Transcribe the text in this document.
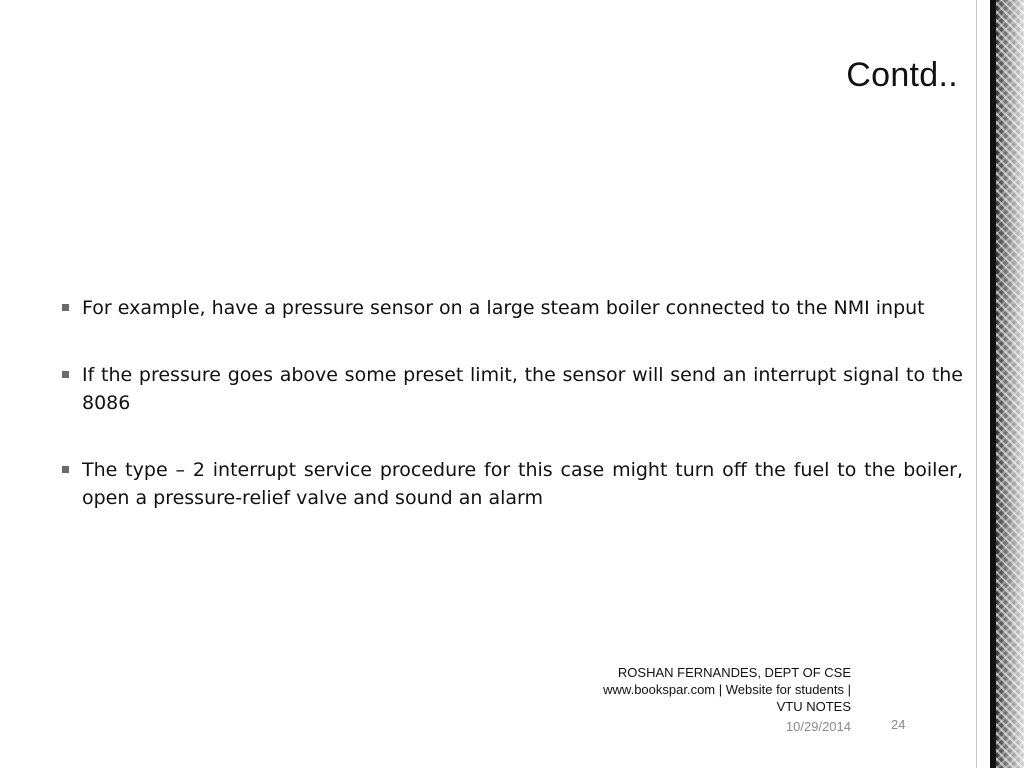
Contd..
For example, have a pressure sensor on a large steam boiler connected to the NMI input
If the pressure goes above some preset limit, the sensor will send an interrupt signal to the 8086
The type – 2 interrupt service procedure for this case might turn off the fuel to the boiler, open a pressure-relief valve and sound an alarm
ROSHAN FERNANDES, DEPT OF CSE
www.bookspar.com | Website for students |
VTU NOTES
10/29/2014	24
